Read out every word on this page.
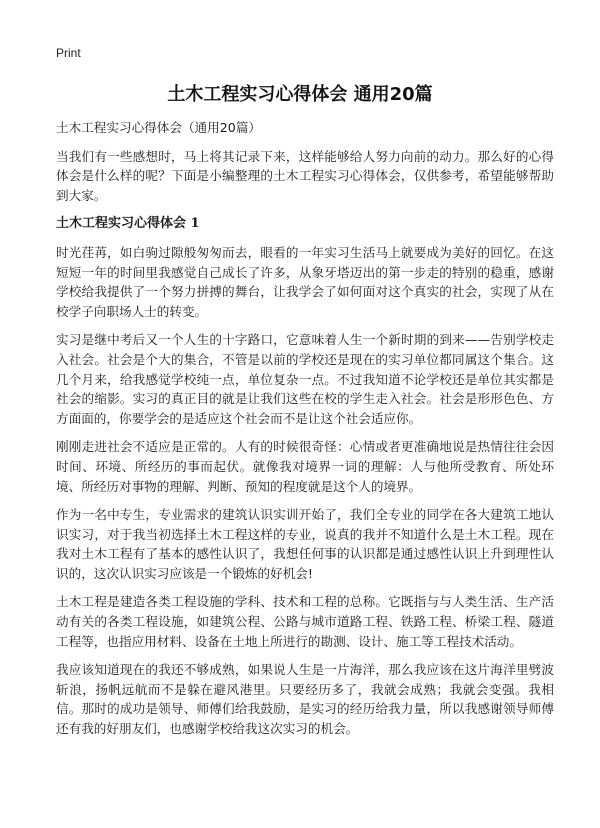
Print
土木工程实习心得体会 通用20篇

土木工程实习心得体会（通用20篇）

当我们有一些感想时，马上将其记录下来，这样能够给人努力向前的动力。那么好的心得体会是什么样的呢？下面是小编整理的土木工程实习心得体会，仅供参考，希望能够帮助到大家。

土木工程实习心得体会 1

时光荏苒，如白驹过隙般匆匆而去，眼看的一年实习生活马上就要成为美好的回忆。在这短短一年的时间里我感觉自己成长了许多，从象牙塔迈出的第一步走的特别的稳重，感谢学校给我提供了一个努力拼搏的舞台，让我学会了如何面对这个真实的社会，实现了从在校学子向职场人士的转变。

实习是继中考后又一个人生的十字路口，它意味着人生一个新时期的到来——告别学校走入社会。社会是个大的集合，不管是以前的学校还是现在的实习单位都同属这个集合。这几个月来，给我感觉学校纯一点，单位复杂一点。不过我知道不论学校还是单位其实都是社会的缩影。实习的真正目的就是让我们这些在校的学生走入社会。社会是形形色色、方方面面的，你要学会的是适应这个社会而不是让这个社会适应你。

刚刚走进社会不适应是正常的。人有的时候很奇怪：心情或者更准确地说是热情往往会因时间、环境、所经历的事而起伏。就像我对境界一词的理解：人与他所受教育、所处环境、所经历对事物的理解、判断、预知的程度就是这个人的境界。

作为一名中专生，专业需求的建筑认识实训开始了，我们全专业的同学在各大建筑工地认识实习，对于我当初选择土木工程这样的专业，说真的我并不知道什么是土木工程。现在我对土木工程有了基本的感性认识了，我想任何事的认识都是通过感性认识上升到理性认识的，这次认识实习应该是一个锻炼的好机会!

土木工程是建造各类工程设施的学科、技术和工程的总称。它既指与与人类生活、生产活动有关的各类工程设施，如建筑公程、公路与城市道路工程、铁路工程、桥梁工程、隧道工程等，也指应用材料、设备在土地上所进行的勘测、设计、施工等工程技术活动。

我应该知道现在的我还不够成熟，如果说人生是一片海洋，那么我应该在这片海洋里劈波斩浪，扬帆远航而不是躲在避风港里。只要经历多了，我就会成熟；我就会变强。我相信。那时的成功是领导、师傅们给我鼓励，是实习的经历给我力量，所以我感谢领导师傅还有我的好朋友们，也感谢学校给我这次实习的机会。
